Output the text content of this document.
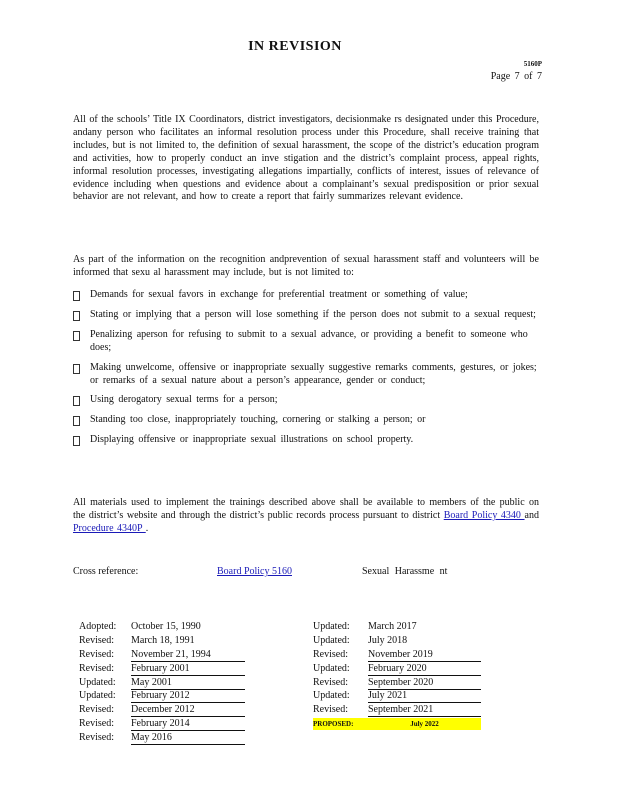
IN REVISION
5160P
Page 7 of 7
All of the schools’ Title IX Coordinators, district investigators, decisionmake rs designated under this Procedure, andany person who facilitates an informal resolution process under this Procedure, shall receive training that includes, but is not limited to, the definition of sexual harassment, the scope of the district’s education program and activities, how to properly conduct an inve stigation and the district’s complaint process, appeal rights, informal resolution processes, investigating allegations impartially, conflicts of interest, issues of relevance of evidence including when questions and evidence about a complainant’s sexual predisposition or prior sexual behavior are not relevant, and how to create a report that fairly summarizes relevant evidence.
As part of the information on the recognition andprevention of sexual harassment staff and volunteers will be informed that sexu al harassment may include, but is not limited to:
Demands for sexual favors in exchange for preferential treatment or something of value;
Stating or implying that a person will lose something if the person does not submit to a sexual request;
Penalizing aperson for refusing to submit to a sexual advance, or providing a benefit to someone who does;
Making unwelcome, offensive or inappropriate sexually suggestive remarks comments, gestures, or jokes; or remarks of a sexual nature about a person’s appearance, gender or conduct;
Using derogatory sexual terms for a person;
Standing too close, inappropriately touching, cornering or stalking a person; or
Displaying offensive or inappropriate sexual illustrations on school property.
All materials used to implement the trainings described above shall be available to members of the public on the district’s website and through the district’s public records process pursuant to district Board Policy 4340 and Procedure 4340P .
Cross reference:	Board Policy 5160	Sexual Harassme nt
Adopted:	October 15, 1990
Revised:	March 18, 1991
Revised:	November 21, 1994
Revised:	February 2001
Updated:	May 2001
Updated:	February 2012
Revised:	December 2012
Revised:	February 2014
Revised:	May 2016
Updated:	March 2017
Updated:	July 2018
Revised:	November 2019
Updated:	February 2020
Revised:	September 2020
Updated:	July 2021
Revised:	September 2021
PROPOSED:	July 2022
